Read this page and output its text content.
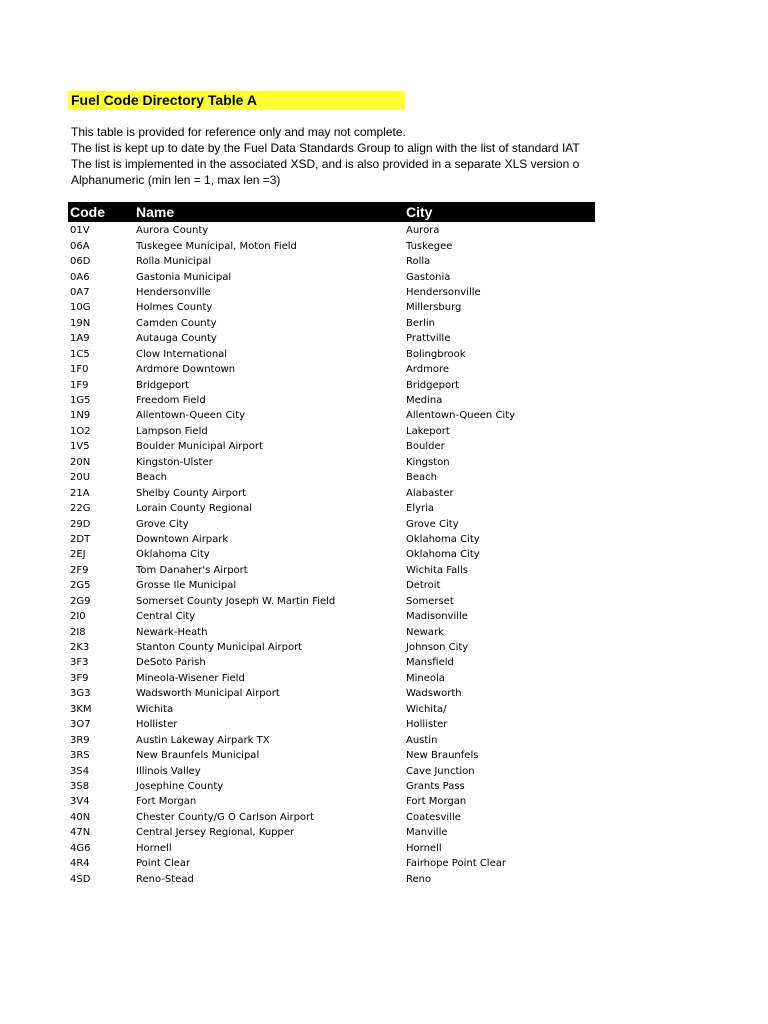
Fuel Code Directory Table A
This table is provided for reference only and may not complete.
The list is kept up to date by the Fuel Data Standards Group to align with the list of standard IAT
The list is implemented in the associated XSD, and is also provided in a separate XLS version o
Alphanumeric (min len = 1, max len =3)
Code	Name	City
01V	Aurora County	Aurora
06A	Tuskegee Municipal, Moton Field	Tuskegee
06D	Rolla Municipal	Rolla
0A6	Gastonia Municipal	Gastonia
0A7	Hendersonville	Hendersonville
10G	Holmes County	Millersburg
19N	Camden County	Berlin
1A9	Autauga County	Prattville
1C5	Clow International	Bolingbrook
1F0	Ardmore Downtown	Ardmore
1F9	Bridgeport	Bridgeport
1G5	Freedom Field	Medina
1N9	Allentown-Queen City	Allentown-Queen City
1O2	Lampson Field	Lakeport
1V5	Boulder Municipal Airport	Boulder
20N	Kingston-Ulster	Kingston
20U	Beach	Beach
21A	Shelby County Airport	Alabaster
22G	Lorain County Regional	Elyria
29D	Grove City	Grove City
2DT	Downtown Airpark	Oklahoma City
2EJ	Oklahoma City	Oklahoma City
2F9	Tom Danaher's Airport	Wichita Falls
2G5	Grosse Ile Municipal	Detroit
2G9	Somerset County Joseph W. Martin Field	Somerset
2I0	Central City	Madisonville
2I8	Newark-Heath	Newark
2K3	Stanton County Municipal Airport	Johnson City
3F3	DeSoto Parish	Mansfield
3F9	Mineola-Wisener Field	Mineola
3G3	Wadsworth Municipal Airport	Wadsworth
3KM	Wichita	Wichita/
3O7	Hollister	Hollister
3R9	Austin Lakeway Airpark TX	Austin
3RS	New Braunfels Municipal	New Braunfels
3S4	Illinois Valley	Cave Junction
3S8	Josephine County	Grants Pass
3V4	Fort Morgan	Fort Morgan
40N	Chester County/G O Carlson Airport	Coatesville
47N	Central Jersey Regional, Kupper	Manville
4G6	Hornell	Hornell
4R4	Point Clear	Fairhope Point Clear
4SD	Reno-Stead	Reno
